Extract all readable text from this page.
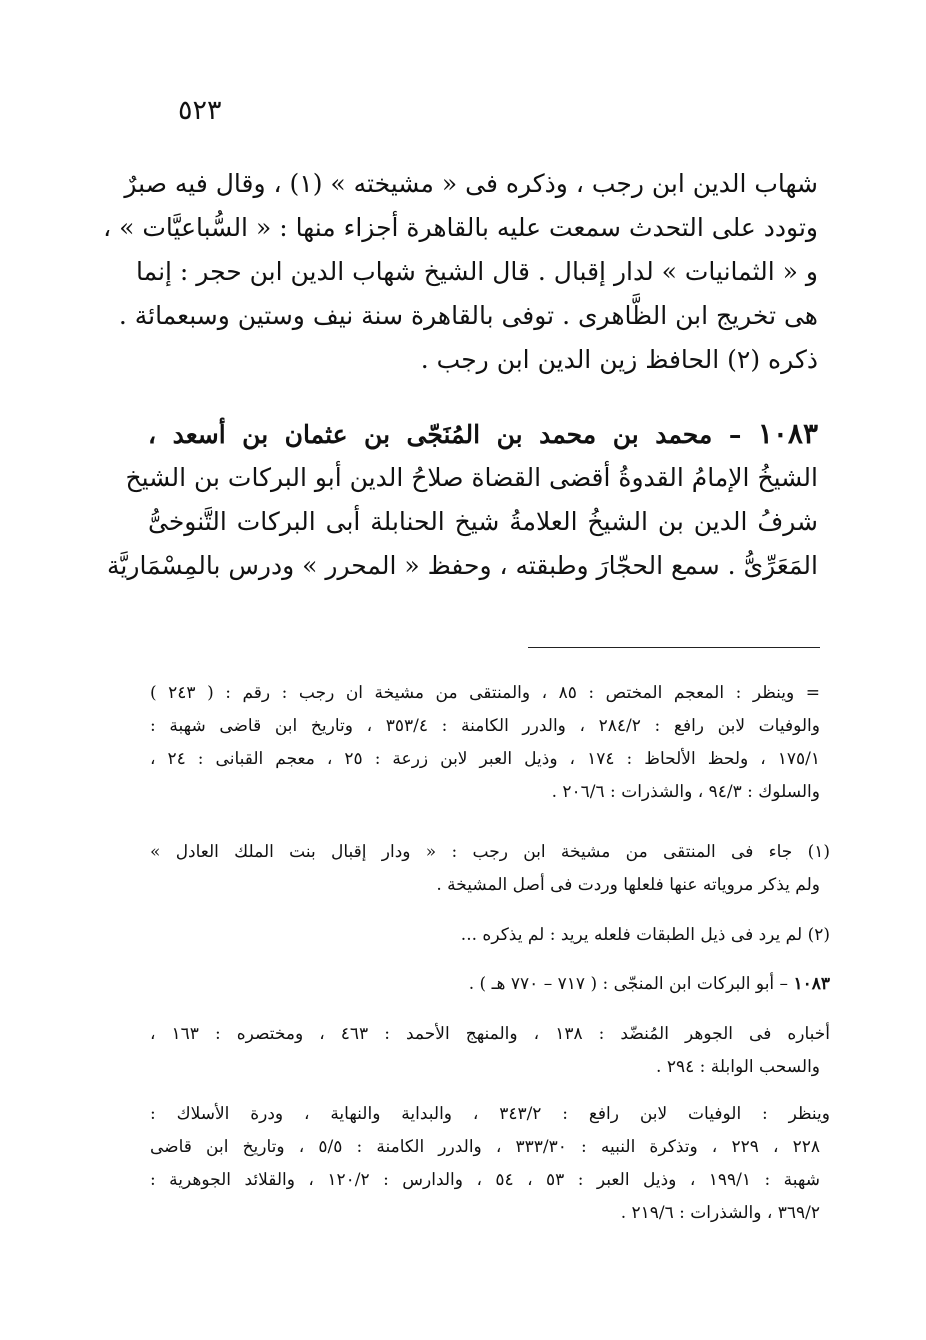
٥٢٣
شهاب الدين ابن رجب ، وذكره فى « مشيخته » (١) ، وقال فيه صبرٌ
وتودد على التحدث سمعت عليه بالقاهرة أجزاء منها : « السُّباعيَّات » ،
و « الثمانيات » لدار إقبال . قال الشيخ شهاب الدين ابن حجر : إنما
هى تخريج ابن الظَّاهرى . توفى بالقاهرة سنة نيف وستين وسبعمائة .
ذكره (٢) الحافظ زين الدين ابن رجب .
١٠٨٣ – محمد بن محمد بن المُنَجّى بن عثمان بن أسعد ،
الشيخُ الإمامُ القدوةُ أقضى القضاة صلاحُ الدين أبو البركات بن الشيخ
شرفُ الدين بن الشيخُ العلامةُ شيخ الحنابلة أبى البركات التَّنوخىُّ
المَعَرِّىُّ . سمع الحجّارَ وطبقته ، وحفظ « المحرر » ودرس بالمِسْمَاريَّة
= وينظر : المعجم المختص : ٨٥ ، والمنتقى من مشيخة ان رجب : رقم : ( ٢٤٣ )
والوفيات لابن رافع : ٢٨٤/٢ ، والدرر الكامنة : ٣٥٣/٤ ، وتاريخ ابن قاضى شهبة :
١٧٥/١ ، ولحظ الألحاظ : ١٧٤ ، وذيل العبر لابن زرعة : ٢٥ ، معجم القبانى : ٢٤ ،
والسلوك : ٩٤/٣ ، والشذرات : ٢٠٦/٦ .
(١) جاء فى المنتقى من مشيخة ابن رجب : « ودار إقبال بنت الملك العادل »
ولم يذكر مروياته عنها فلعلها وردت فى أصل المشيخة .
(٢) لم يرد فى ذيل الطبقات فلعله يريد : لم يذكره ...
١٠٨٣ – أبو البركات ابن المنجّى : ( ٧١٧ – ٧٧٠ هـ ) .
أخباره فى الجوهر المُنضّد : ١٣٨ ، والمنهج الأحمد : ٤٦٣ ، ومختصره : ١٦٣ ،
والسحب الوابلة : ٢٩٤ .
وينظر : الوفيات لابن رافع : ٣٤٣/٢ ، والبداية والنهاية ، ودرة الأسلاك :
٢٢٨ ، ٢٢٩ ، وتذكرة النبيه : ٣٣٣/٣٠ ، والدرر الكامنة : ٥/٥ ، وتاريخ ابن قاضى
شهبة : ١٩٩/١ ، وذيل العبر : ٥٣ ، ٥٤ ، والدارس : ١٢٠/٢ ، والقلائد الجوهرية :
٣٦٩/٢ ، والشذرات : ٢١٩/٦ .
